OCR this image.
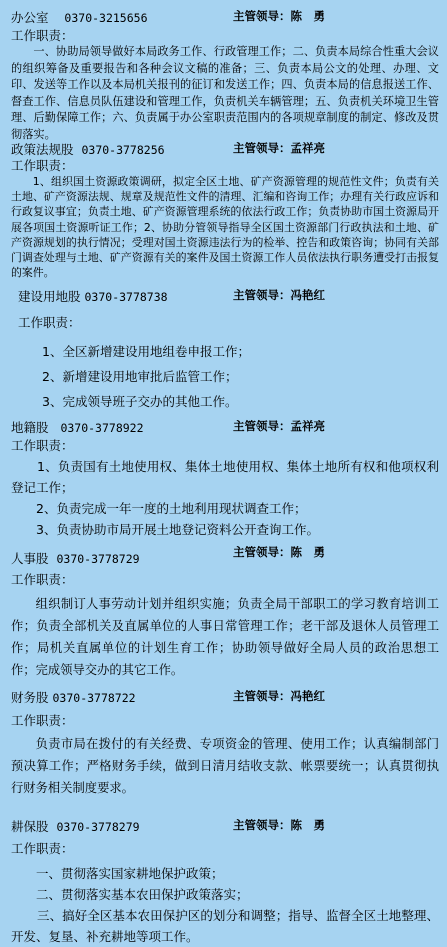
办公室 0370-3215656	主管领导：陈　勇
工作职责：

一、协助局领导做好本局政务工作、行政管理工作；二、负责本局综合性重大会议的组织筹备及重要报告和各种会议文稿的准备；三、负责本局公文的处理、办理、文印、发送等工作以及本局机关报刊的征订和发送工作；四、负责本局的信息报送工作、督查工作、信息员队伍建设和管理工作，负责机关车辆管理；五、负责机关环境卫生管理、后勤保障工作；六、负责属于办公室职责范围内的各项规章制度的制定、修改及贯彻落实。

政策法规股 0370-3778256	主管领导：孟祥亮
工作职责：

1、组织国土资源政策调研，拟定全区土地、矿产资源管理的规范性文件；负责有关土地、矿产资源法规、规章及规范性文件的清理、汇编和咨询工作；办理有关行政应诉和行政复议事宜；负责土地、矿产资源管理系统的依法行政工作；负责协助市国土资源局开展各项国土资源听证工作；2、协助分管领导指导全区国土资源部门行政执法和土地、矿产资源规划的执行情况；受理对国土资源违法行为的检举、控告和政策咨询；协同有关部门调查处理与土地、矿产资源有关的案件及国土资源工作人员依法执行职务遭受打击报复的案件。

建设用地股 0370-3778738	主管领导：冯艳红
工作职责：

1、全区新增建设用地组卷申报工作；

2、新增建设用地审批后监管工作；

3、完成领导班子交办的其他工作。

地籍股 0370-3778922	主管领导：孟祥亮
工作职责：

1、负责国有土地使用权、集体土地使用权、集体土地所有权和他项权利登记工作；

2、负责完成一年一度的土地利用现状调查工作；

3、负责协助市局开展土地登记资料公开查询工作。

人事股 0370-3778729	主管领导：陈　勇
工作职责：

组织制订人事劳动计划并组织实施；负责全局干部职工的学习教育培训工作；负责全部机关及直属单位的人事日常管理工作；老干部及退休人员管理工作；局机关直属单位的计划生育工作；协助领导做好全局人员的政治思想工作；完成领导交办的其它工作。

财务股 0370-3778722	主管领导：冯艳红
工作职责：

负责市局在拨付的有关经费、专项资金的管理、使用工作；认真编制部门预决算工作；严格财务手续，做到日清月结收支款、帐票要统一；认真贯彻执行财务相关制度要求。

耕保股 0370-3778279	主管领导：陈　勇
工作职责：

一、贯彻落实国家耕地保护政策；

二、贯彻落实基本农田保护政策落实；

三、搞好全区基本农田保护区的划分和调整；指导、监督全区土地整理、开发、复垦、补充耕地等项工作。
